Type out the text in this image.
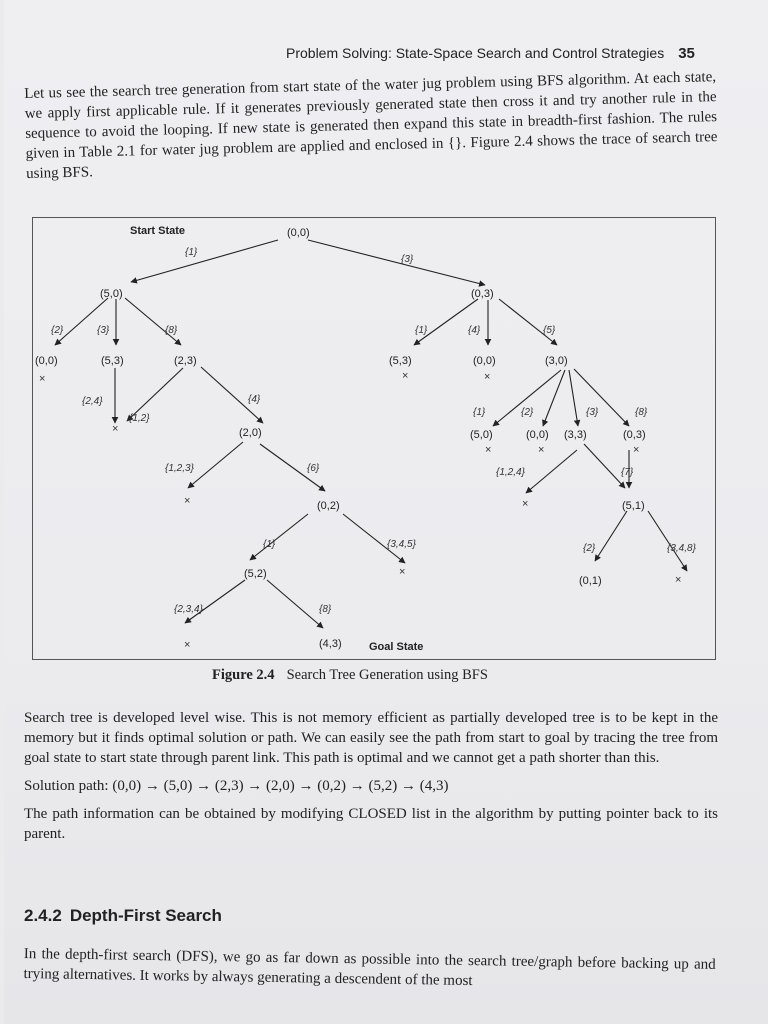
Problem Solving: State-Space Search and Control Strategies 35
Let us see the search tree generation from start state of the water jug problem using BFS algorithm. At each state, we apply first applicable rule. If it generates previously generated state then cross it and try another rule in the sequence to avoid the looping. If new state is generated then expand this state in breadth-first fashion. The rules given in Table 2.1 for water jug problem are applied and enclosed in {}. Figure 2.4 shows the trace of search tree using BFS.
Start State
Goal State
(0,0)
(5,0)	(0,3)
(0,0)	(5,3)	(2,3)	(5,3)	(0,0)	(3,0)
(2,0)	(5,0)	(0,0) (3,3)	(0,3)
(0,2)	(5,1)
(5,2)
(0,1)
(4,3)
{1}
{3}
{2}	{3}	{8}	{1}	{4}	{5}
{2,4}
{1,2}
{4}
{1}	{2}	{3}	{8}
{1,2,3}	{6}	{1,2,4}	{7}
{1}	{3,4,5}	{2}	{3,4,8}
{2,3,4}	{8}
×	×	×
×
×	×	×
×	×
×
×
×
Figure 2.4 Search Tree Generation using BFS

Search tree is developed level wise. This is not memory efficient as partially developed tree is to be kept in the memory but it finds optimal solution or path. We can easily see the path from start to goal by tracing the tree from goal state to start state through parent link. This path is optimal and we cannot get a path shorter than this.

Solution path: (0,0) → (5,0) → (2,3) → (2,0) → (0,2) → (5,2) → (4,3)

The path information can be obtained by modifying CLOSED list in the algorithm by putting pointer back to its parent.

2.4.2 Depth-First Search

In the depth-first search (DFS), we go as far down as possible into the search tree/graph before backing up and trying alternatives. It works by always generating a descendent of the most
